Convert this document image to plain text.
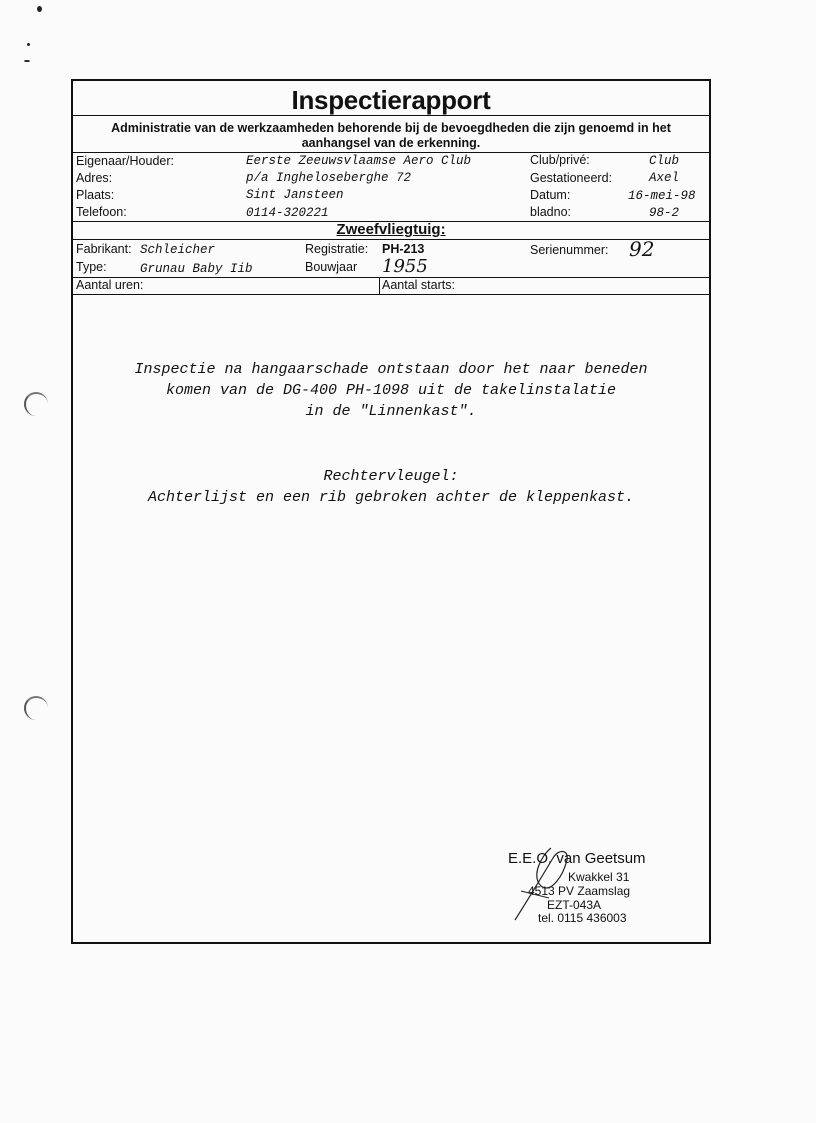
Inspectierapport
Administratie van de werkzaamheden behorende bij de bevoegdheden die zijn genoemd in het
aanhangsel van de erkenning.
Eigenaar/Houder:	Eerste Zeeuwsvlaamse Aero Club
Adres:	p/a Ingheloseberghe 72
Plaats:	Sint Jansteen
Telefoon:	0114-320221
Club/privé:	Club
Gestationeerd:	Axel
Datum:	16-mei-98
bladno:	98-2
Zweefvliegtuig:
Fabrikant: Schleicher	Registratie: PH-213	Serienummer: 92
Type:	Grunau Baby Iib	Bouwjaar 1955
Aantal uren:	Aantal starts:
Inspectie na hangaarschade ontstaan door het naar beneden
komen van de DG-400 PH-1098 uit de takelinstalatie
in de "Linnenkast".
Rechtervleugel:
Achterlijst en een rib gebroken achter de kleppenkast.
E.E.O. van Geetsum
Kwakkel 31
4513 PV Zaamslag
EZT-043A
tel. 0115 436003
